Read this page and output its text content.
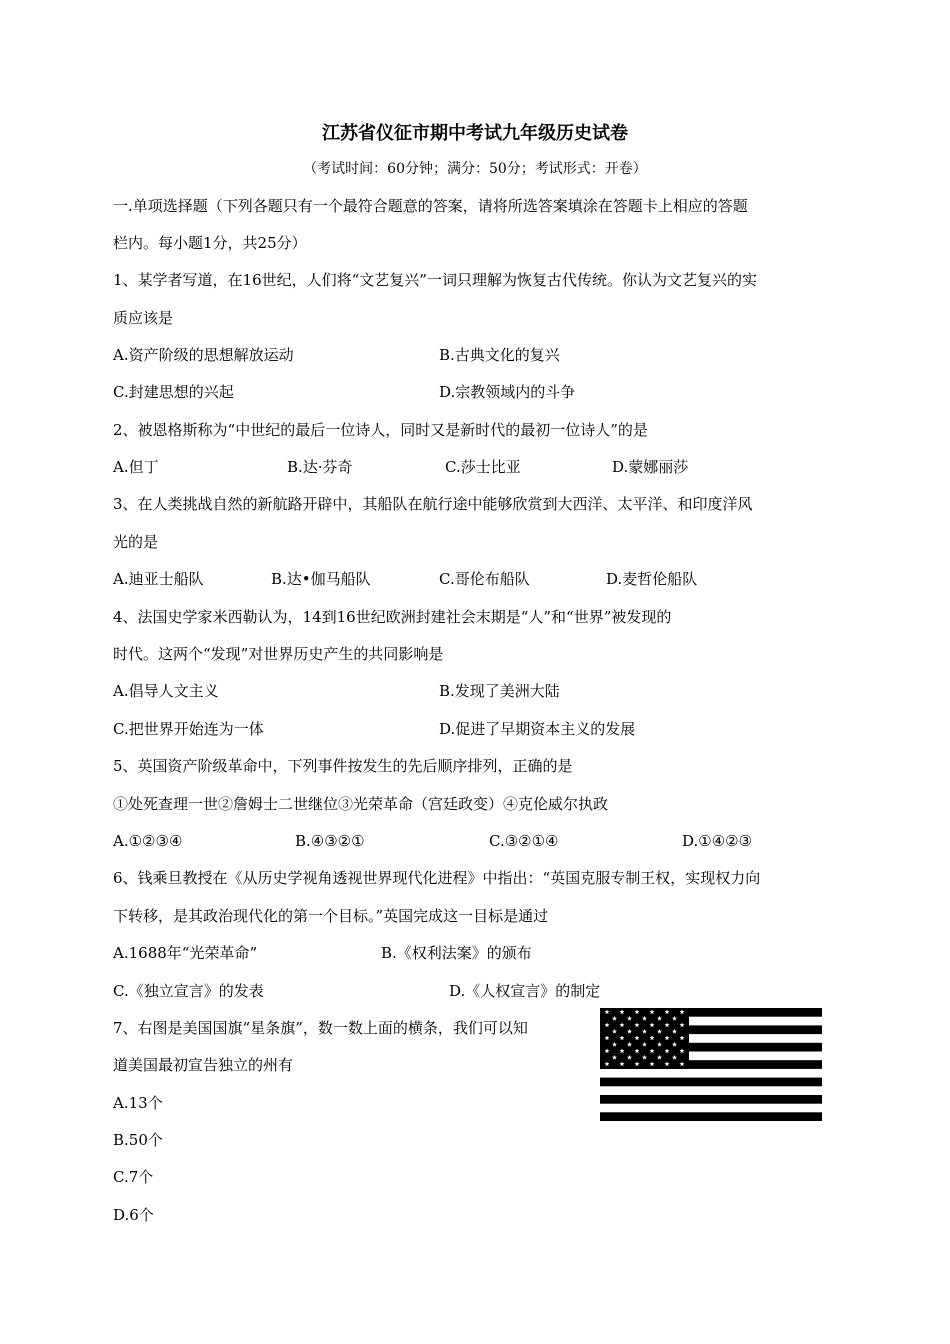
江苏省仪征市期中考试九年级历史试卷
（考试时间：60分钟；满分：50分；考试形式：开卷）
一.单项选择题（下列各题只有一个最符合题意的答案，请将所选答案填涂在答题卡上相应的答题
栏内。每小题1分，共25分）
1、某学者写道，在16世纪，人们将“文艺复兴”一词只理解为恢复古代传统。你认为文艺复兴的实
质应该是
A.资产阶级的思想解放运动	B.古典文化的复兴
C.封建思想的兴起	D.宗教领域内的斗争
2、被恩格斯称为“中世纪的最后一位诗人，同时又是新时代的最初一位诗人”的是
A.但丁	B.达·芬奇	C.莎士比亚	D.蒙娜丽莎
3、在人类挑战自然的新航路开辟中，其船队在航行途中能够欣赏到大西洋、太平洋、和印度洋风
光的是
A.迪亚士船队	B.达•伽马船队	C.哥伦布船队	D.麦哲伦船队
4、法国史学家米西勒认为，14到16世纪欧洲封建社会末期是“人”和“世界”被发现的
时代。这两个“发现”对世界历史产生的共同影响是
A.倡导人文主义	B.发现了美洲大陆
C.把世界开始连为一体	D.促进了早期资本主义的发展
5、英国资产阶级革命中，下列事件按发生的先后顺序排列，正确的是
①处死查理一世②詹姆士二世继位③光荣革命（宫廷政变）④克伦威尔执政
A.①②③④	B.④③②①	C.③②①④	D.①④②③
6、钱乘旦教授在《从历史学视角透视世界现代化进程》中指出：“英国克服专制王权，实现权力向
下转移，是其政治现代化的第一个目标。”英国完成这一目标是通过
A.1688年“光荣革命”	B.《权利法案》的颁布
C.《独立宣言》的发表	D.《人权宣言》的制定
7、右图是美国国旗“星条旗”，数一数上面的横条，我们可以知
道美国最初宣告独立的州有
A.13个
B.50个
C.7个
D.6个
